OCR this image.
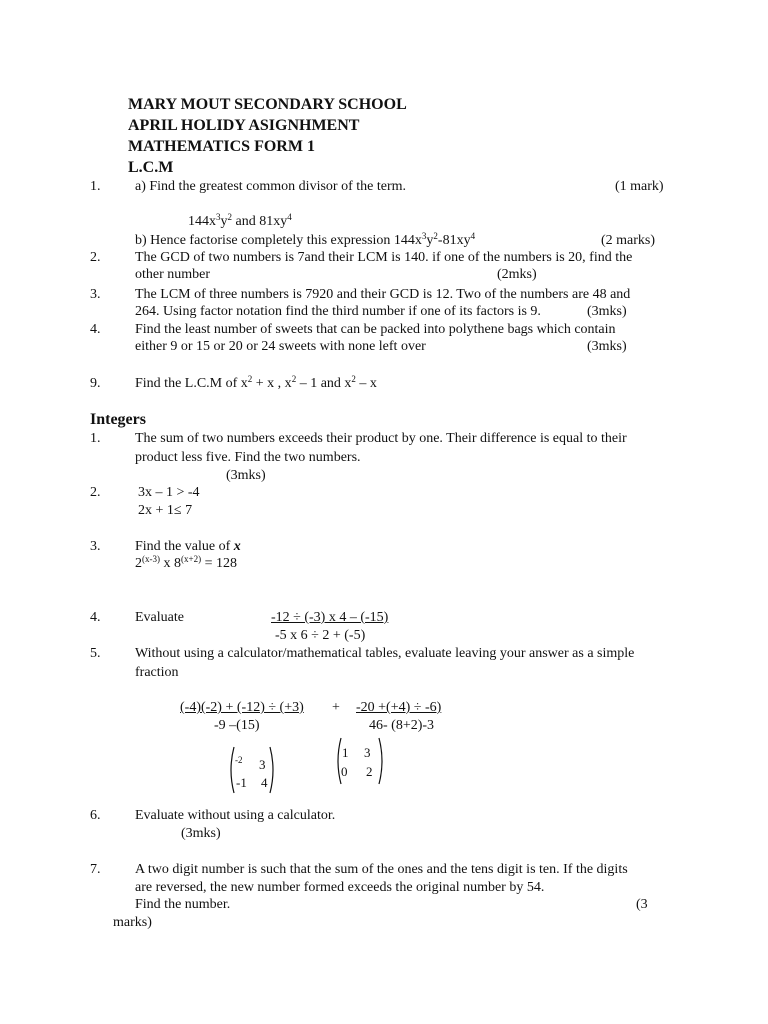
MARY MOUT SECONDARY SCHOOL
APRIL HOLIDY ASIGNHMENT
MATHEMATICS FORM 1
L.C.M
1.	a) Find the greatest common divisor of the term.	(1 mark)
$144x^3y^2$ and $81xy^4$
b) Hence factorise completely this expression $144x^3y^2-81xy^4$	(2 marks)
2.	The GCD of two numbers is 7and their LCM is 140. if one of the numbers is 20, find the
other number	(2mks)
3.	The LCM of three numbers is 7920 and their GCD is 12. Two of the numbers are 48 and
264. Using factor notation find the third number if one of its factors is 9.	(3mks)
4.	Find the least number of sweets that can be packed into polythene bags which contain
either 9 or 15 or 20 or 24 sweets with none left over	(3mks)
9.	Find the L.C.M of $x^2 + x$ , $x^2 - 1$ and $x^2$ – x
Integers
1.	The sum of two numbers exceeds their product by one. Their difference is equal to their
product less five. Find the two numbers.
(3mks)
2.	3x – 1 > -4
2x + 1≤ 7
3.	Find the value of x
2$^{(x-3)}$ x $8^{(x+2)} = 128$
4.	Evaluate	-12 ÷ (-3) x 4 – (-15)
-5 x 6 ÷ 2 + (-5)
5.	Without using a calculator/mathematical tables, evaluate leaving your answer as a simple
fraction
(-4)(-2) + (-12) ÷ (+3)
-9 –(15)
+ -20 +(+4) ÷ -6)
46- (8+2)-3
-2 3
-1 4
1 3
0 2
6.	Evaluate without using a calculator.
(3mks)
7.	A two digit number is such that the sum of the ones and the tens digit is ten. If the digits
are reversed, the new number formed exceeds the original number by 54.
Find the number.	(3
marks)
